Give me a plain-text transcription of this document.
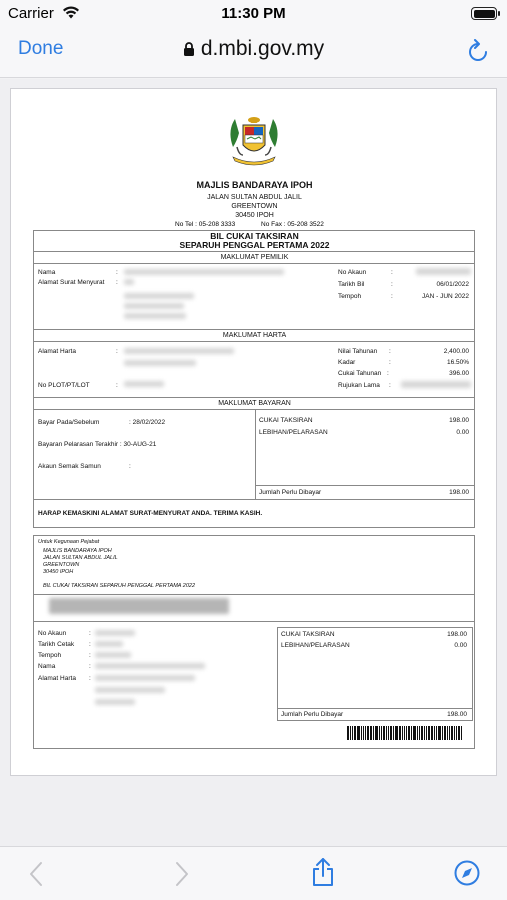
Carrier	11:30 PM
Done	d.mbi.gov.my
MAJLIS BANDARAYA IPOH
JALAN SULTAN ABDUL JALIL
GREENTOWN
30450 IPOH
No Tel : 05-208 3333	No Fax : 05-208 3522
BIL CUKAI TAKSIRAN
SEPARUH PENGGAL PERTAMA 2022
MAKLUMAT PEMILIK
Nama	:
Alamat Surat Menyurat :
No Akaun	:
Tarikh Bil	:	06/01/2022
Tempoh	:	JAN - JUN 2022
MAKLUMAT HARTA
Alamat Harta	:
No PLOT/PT/LOT	:
Nilai Tahunan :	2,400.00
Kadar	:	16.50%
Cukai Tahunan :	396.00
Rujukan Lama :
MAKLUMAT BAYARAN
Bayar Pada/Sebelum	: 28/02/2022
Bayaran Pelarasan Terakhir : 30-AUG-21
Akaun Semak Samun	:
CUKAI TAKSIRAN	198.00
LEBIHAN/PELARASAN	0.00
Jumlah Perlu Dibayar	198.00
HARAP KEMASKINI ALAMAT SURAT-MENYURAT ANDA. TERIMA KASIH.
Untuk Kegunaan Pejabat
MAJLIS BANDARAYA IPOH
JALAN SULTAN ABDUL JALIL
GREENTOWN
30450 IPOH
BIL CUKAI TAKSIRAN SEPARUH PENGGAL PERTAMA 2022
No Akaun	:
Tarikh Cetak :
Tempoh	:
Nama	:
Alamat Harta :
CUKAI TAKSIRAN	198.00
LEBIHAN/PELARASAN	0.00
Jumlah Perlu Dibayar	198.00
